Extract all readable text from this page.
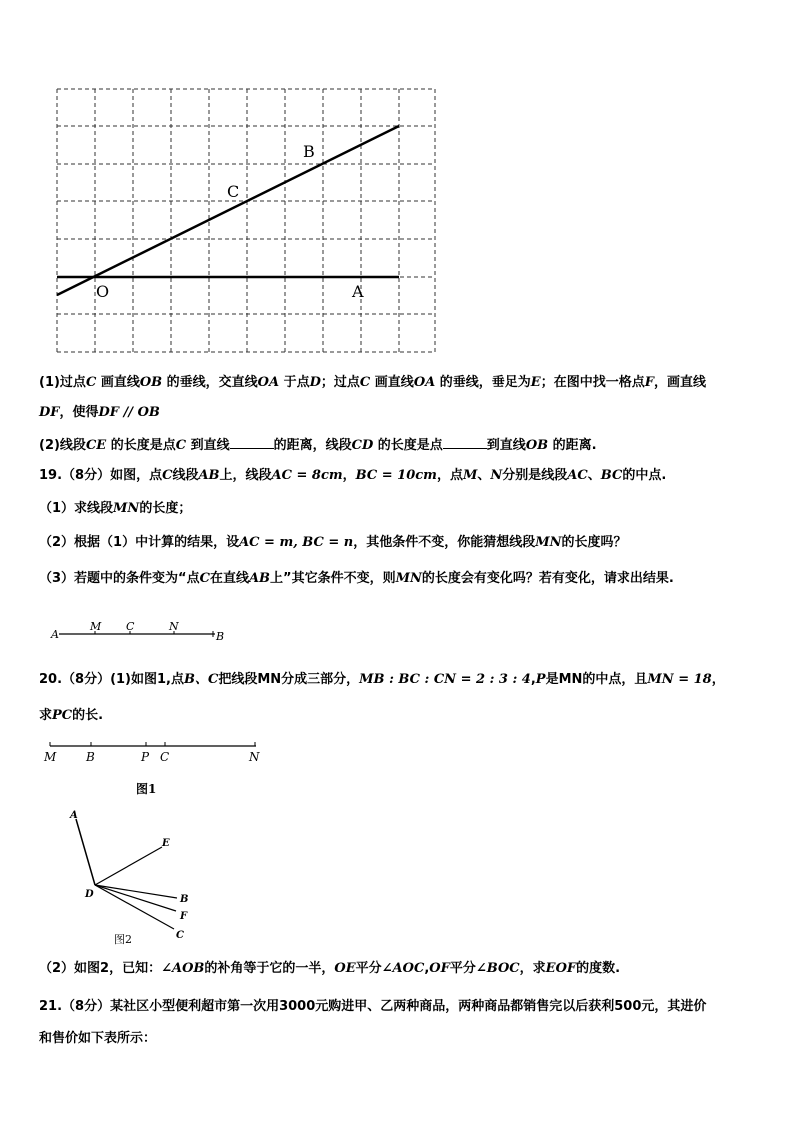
B
C
O	A
(1)过点C 画直线OB 的垂线，交直线OA 于点D；过点C 画直线OA 的垂线，垂足为E；在图中找一格点F，画直线
DF，使得DF // OB
(2)线段CE 的长度是点C 到直线	的距离，线段CD 的长度是点	到直线OB 的距离.
19.（8分）如图，点C线段AB上，线段AC = 8cm，BC = 10cm，点M、N分别是线段AC、BC的中点.
（1）求线段MN的长度；
（2）根据（1）中计算的结果，设AC = m, BC = n，其他条件不变，你能猜想线段MN的长度吗？
（3）若题中的条件变为“点C在直线AB上”其它条件不变，则MN的长度会有变化吗？若有变化，请求出结果.
A
M C	N
B
20.（8分）(1)如图1,点B、C把线段MN分成三部分，MB : BC : CN = 2 : 3 : 4,P是MN的中点，且MN = 18，
求PC的长.
M B	P C	N
图1
A
E
D	B
F
C
图2
（2）如图2，已知：∠AOB的补角等于它的一半，OE平分∠AOC,OF平分∠BOC，求EOF的度数.
21.（8分）某社区小型便利超市第一次用3000元购进甲、乙两种商品，两种商品都销售完以后获利500元，其进价
和售价如下表所示：
